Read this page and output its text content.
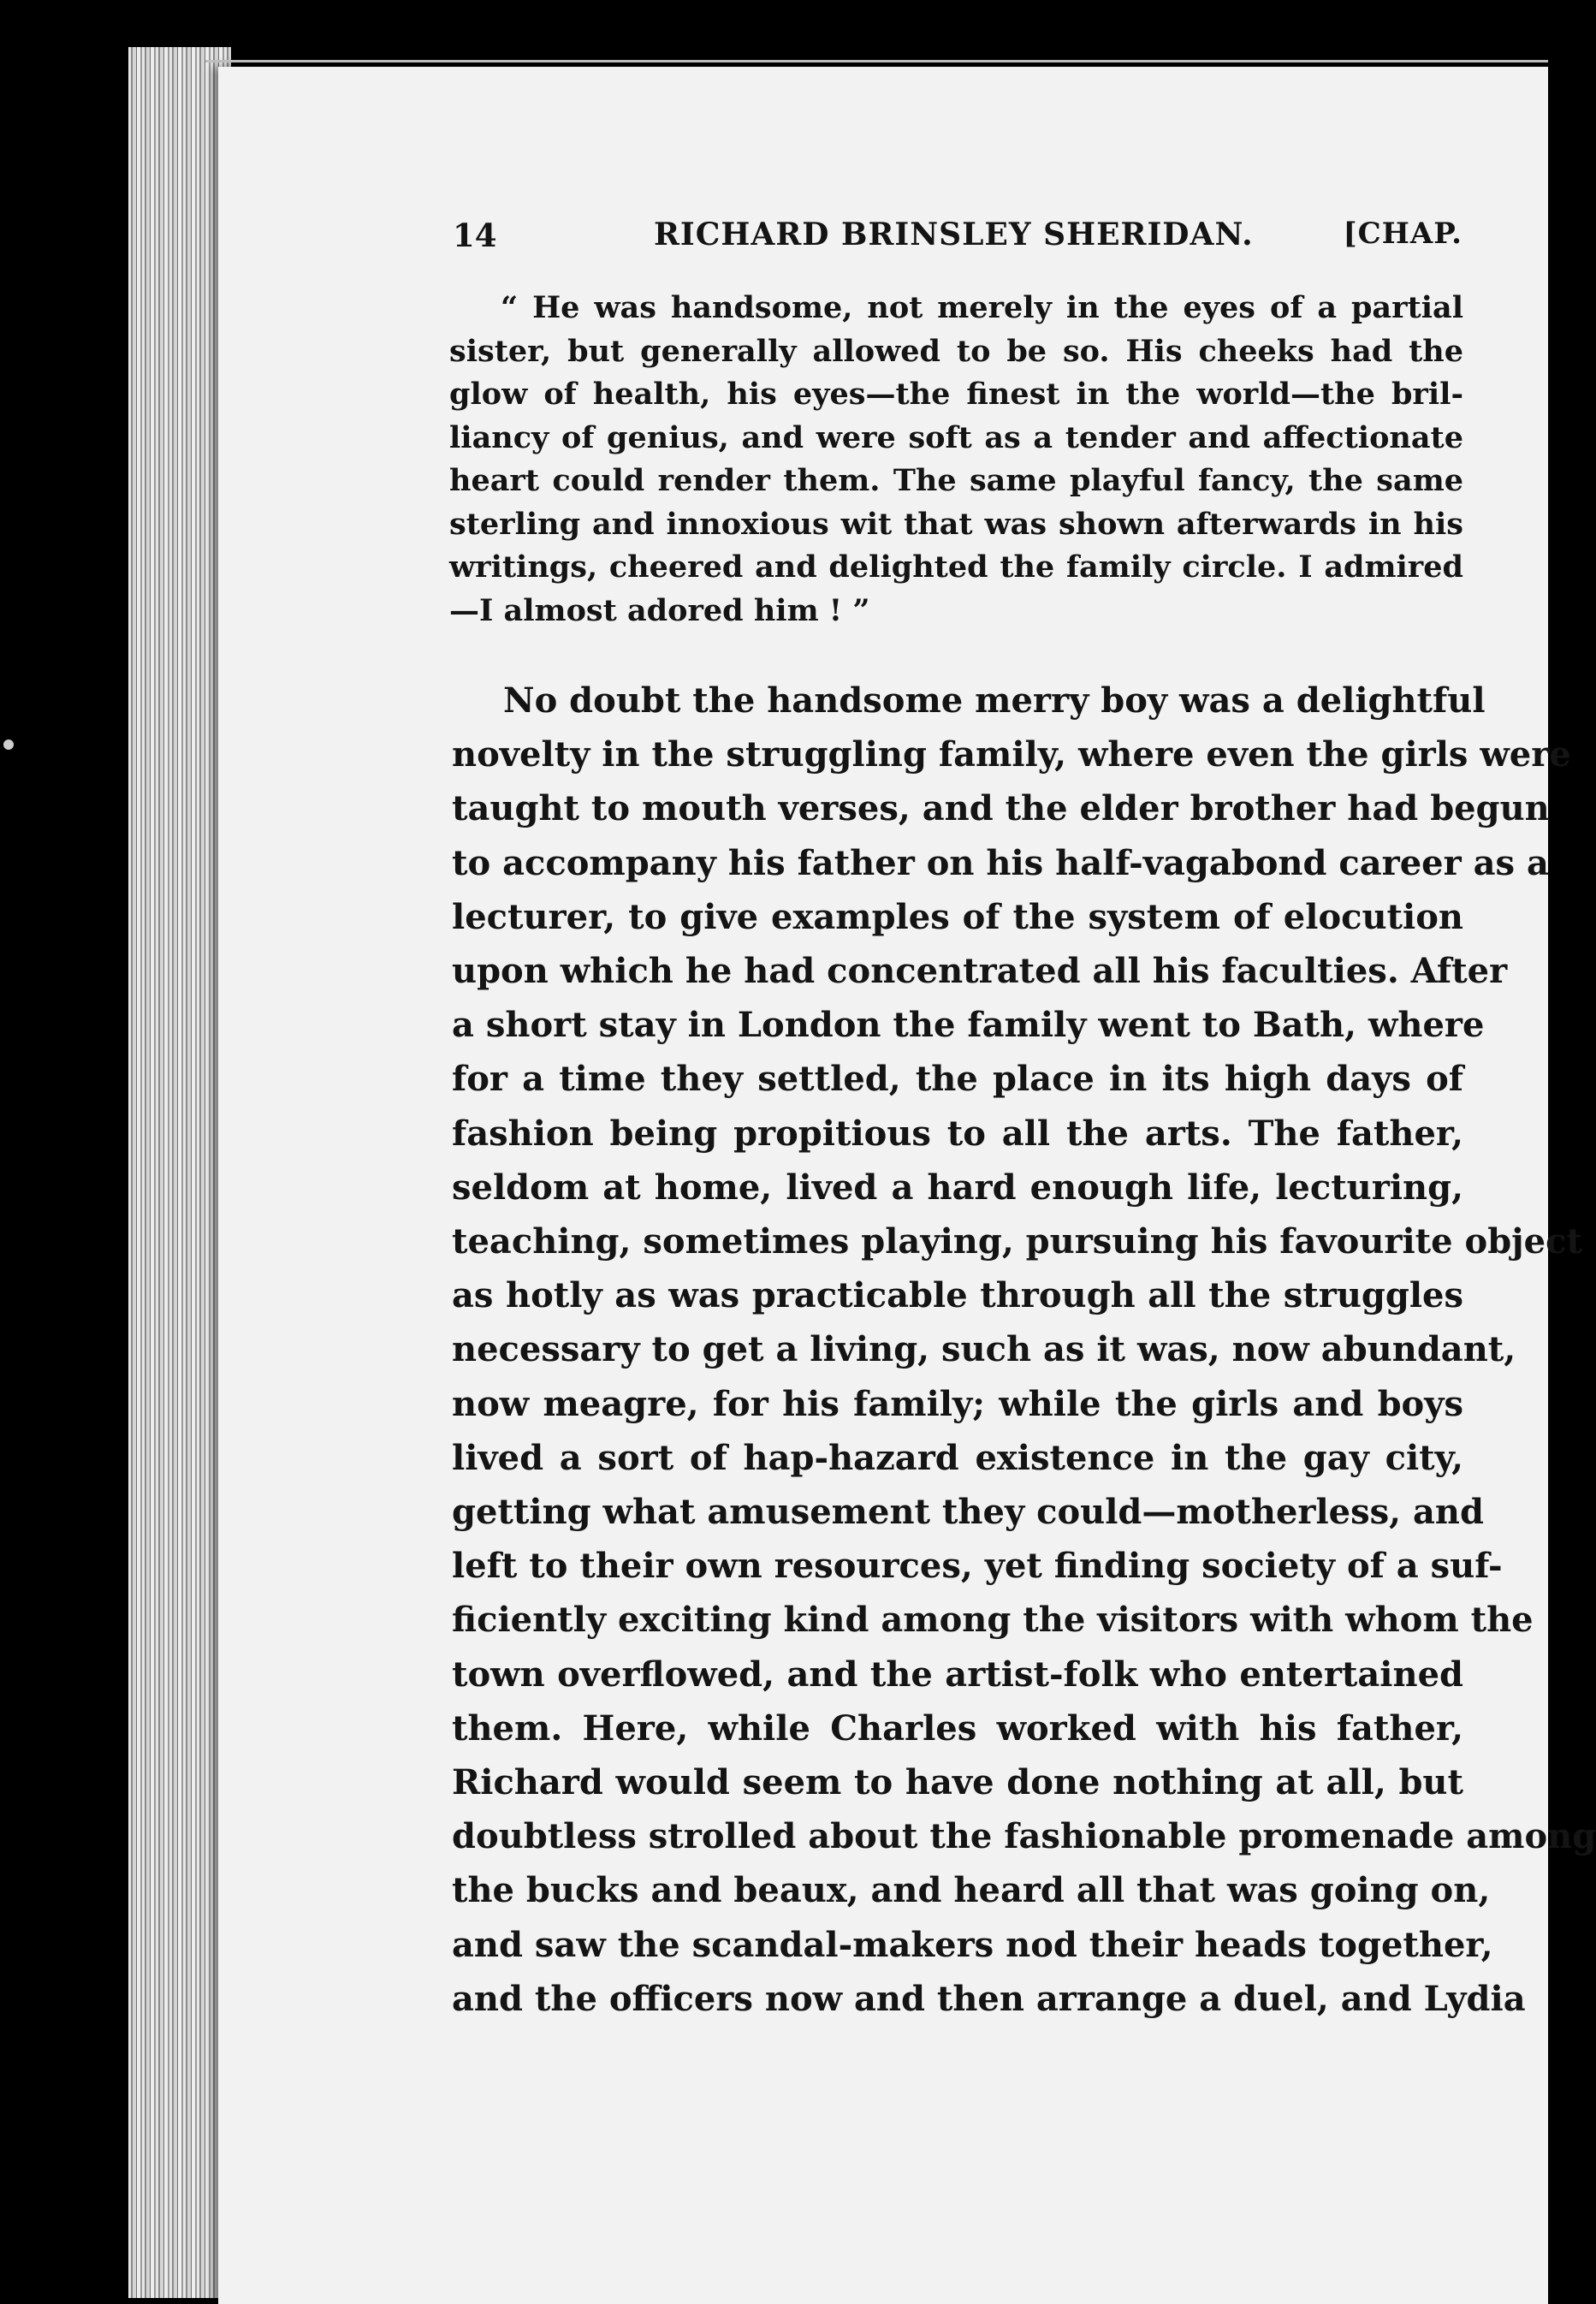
14	RICHARD BRINSLEY SHERIDAN.	[CHAP.
“ He was handsome, not merely in the eyes of a partial
sister, but generally allowed to be so. His cheeks had the
glow of health, his eyes—the finest in the world—the bril-
liancy of genius, and were soft as a tender and affectionate
heart could render them. The same playful fancy, the same
sterling and innoxious wit that was shown afterwards in his
writings, cheered and delighted the family circle. I admired
—I almost adored him ! ”
No doubt the handsome merry boy was a delightful
novelty in the struggling family, where even the girls were
taught to mouth verses, and the elder brother had begun
to accompany his father on his half-vagabond career as a
lecturer, to give examples of the system of elocution
upon which he had concentrated all his faculties. After
a short stay in London the family went to Bath, where
for a time they settled, the place in its high days of
fashion being propitious to all the arts. The father,
seldom at home, lived a hard enough life, lecturing,
teaching, sometimes playing, pursuing his favourite object
as hotly as was practicable through all the struggles
necessary to get a living, such as it was, now abundant,
now meagre, for his family; while the girls and boys
lived a sort of hap-hazard existence in the gay city,
getting what amusement they could—motherless, and
left to their own resources, yet finding society of a suf-
ficiently exciting kind among the visitors with whom the
town overflowed, and the artist-folk who entertained
them. Here, while Charles worked with his father,
Richard would seem to have done nothing at all, but
doubtless strolled about the fashionable promenade among
the bucks and beaux, and heard all that was going on,
and saw the scandal-makers nod their heads together,
and the officers now and then arrange a duel, and Lydia
